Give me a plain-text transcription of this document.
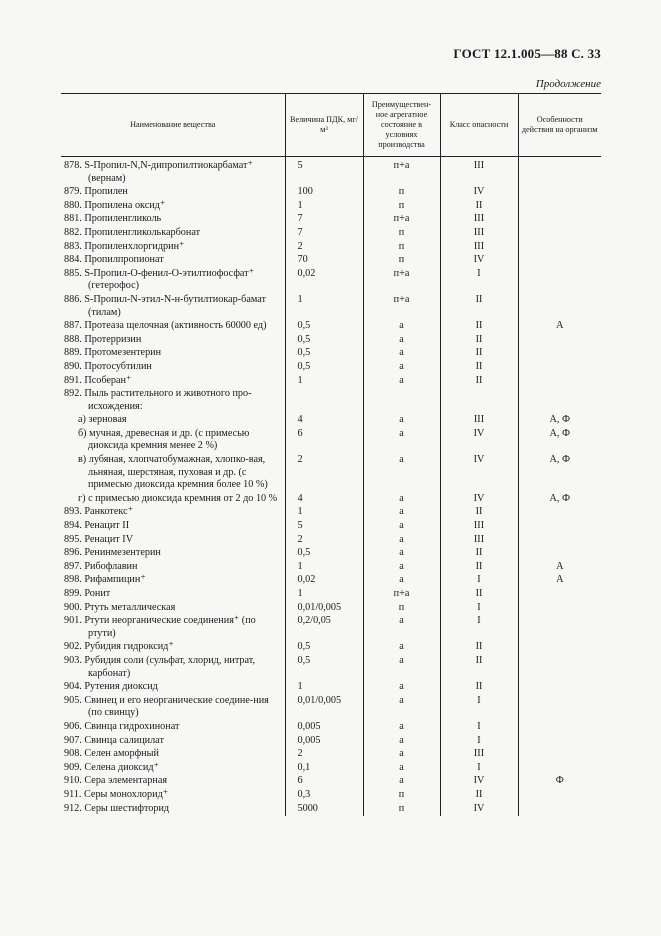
ГОСТ 12.1.005—88 С. 33
Продолжение
Наименование вещества	Величина ПДК, мг/м³	Преимуществен-ное агрегатное состояние в условиях производства	Класс опасности	Особенности действия на организм
878. S-Пропил-N,N-дипропилтиокарбамат⁺ (вернам)	5	п+а	III	
879. Пропилен	100	п	IV	
880. Пропилена оксид⁺	1	п	II	
881. Пропиленгликоль	7	п+а	III	
882. Пропиленгликолькарбонат	7	п	III	
883. Пропиленхлоргидрин⁺	2	п	III	
884. Пропилпропионат	70	п	IV	
885. S-Пропил-О-фенил-О-этилтиофосфат⁺ (гетерофос)	0,02	п+а	I	
886. S-Пропил-N-этил-N-н-бутилтиокар-бамат (тилам)	1	п+а	II	
887. Протеаза щелочная (активность 60000 ед)	0,5	а	II	А
888. Протерризин	0,5	а	II	
889. Протомезентерин	0,5	а	II	
890. Протосубтилин	0,5	а	II	
891. Псоберан⁺	1	а	II	
892. Пыль растительного и животного про-исхождения:				
а) зерновая	4	а	III	А, Ф
б) мучная, древесная и др. (с примесью диоксида кремния менее 2 %)	6	а	IV	А, Ф
в) лубяная, хлопчатобумажная, хлопко-вая, льняная, шерстяная, пуховая и др. (с примесью диоксида кремния более 10 %)	2	а	IV	А, Ф
г) с примесью диоксида кремния от 2 до 10 %	4	а	IV	А, Ф
893. Ранкотекс⁺	1	а	II	
894. Ренацит II	5	а	III	
895. Ренацит IV	2	а	III	
896. Ренинмезентерин	0,5	а	II	
897. Рибофлавин	1	а	II	А
898. Рифампицин⁺	0,02	а	I	А
899. Ронит	1	п+а	II	
900. Ртуть металлическая	0,01/0,005	п	I	
901. Ртути неорганические соединения⁺ (по ртути)	0,2/0,05	а	I	
902. Рубидия гидроксид⁺	0,5	а	II	
903. Рубидия соли (сульфат, хлорид, нитрат, карбонат)	0,5	а	II	
904. Рутения диоксид	1	а	II	
905. Свинец и его неорганические соедине-ния (по свинцу)	0,01/0,005	а	I	
906. Свинца гидрохинонат	0,005	а	I	
907. Свинца салицилат	0,005	а	I	
908. Селен аморфный	2	а	III	
909. Селена диоксид⁺	0,1	а	I	
910. Сера элементарная	6	а	IV	Ф
911. Серы монохлорид⁺	0,3	п	II	
912. Серы шестифторид	5000	п	IV	
